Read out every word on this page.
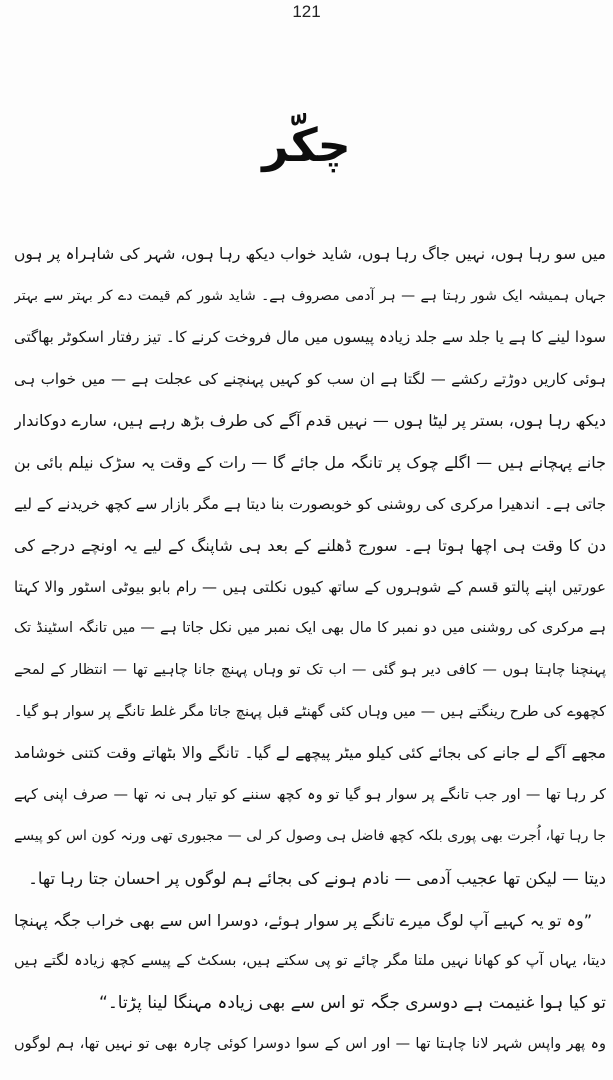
121
چکّر
میں سو رہا ہوں، نہیں جاگ رہا ہوں، شاید خواب دیکھ رہا ہوں، شہر کی شاہراہ پر ہوں
جہاں ہمیشہ ایک شور رہتا ہے — ہر آدمی مصروف ہے۔ شاید شور کم قیمت دے کر بہتر سے بہتر
سودا لینے کا ہے یا جلد سے جلد زیادہ پیسوں میں مال فروخت کرنے کا۔ تیز رفتار اسکوٹر بھاگتی
ہوئی کاریں دوڑتے رکشے — لگتا ہے ان سب کو کہیں پہنچنے کی عجلت ہے — میں خواب ہی
دیکھ رہا ہوں، بستر پر لیٹا ہوں — نہیں قدم آگے کی طرف بڑھ رہے ہیں، سارے دوکاندار
جانے پہچانے ہیں — اگلے چوک پر تانگہ مل جائے گا — رات کے وقت یہ سڑک نیلم بائی بن
جاتی ہے۔ اندھیرا مرکری کی روشنی کو خوبصورت بنا دیتا ہے مگر بازار سے کچھ خریدنے کے لیے
دن کا وقت ہی اچھا ہوتا ہے۔ سورج ڈھلنے کے بعد ہی شاپنگ کے لیے یہ اونچے درجے کی
عورتیں اپنے پالتو قسم کے شوہروں کے ساتھ کیوں نکلتی ہیں — رام بابو بیوٹی اسٹور والا کہتا
ہے مرکری کی روشنی میں دو نمبر کا مال بھی ایک نمبر میں نکل جاتا ہے — میں تانگہ اسٹینڈ تک
پہنچنا چاہتا ہوں — کافی دیر ہو گئی — اب تک تو وہاں پہنچ جانا چاہیے تھا — انتظار کے لمحے
کچھوے کی طرح رینگتے ہیں — میں وہاں کئی گھنٹے قبل پہنچ جاتا مگر غلط تانگے پر سوار ہو گیا۔
مجھے آگے لے جانے کی بجائے کئی کیلو میٹر پیچھے لے گیا۔ تانگے والا بٹھاتے وقت کتنی خوشامد
کر رہا تھا — اور جب تانگے پر سوار ہو گیا تو وہ کچھ سننے کو تیار ہی نہ تھا — صرف اپنی کہے
جا رہا تھا، اُجرت بھی پوری بلکہ کچھ فاضل ہی وصول کر لی — مجبوری تھی ورنہ کون اس کو پیسے
دیتا — لیکن تھا عجیب آدمی — نادم ہونے کی بجائے ہم لوگوں پر احسان جتا رہا تھا۔
”وہ تو یہ کہیے آپ لوگ میرے تانگے پر سوار ہوئے، دوسرا اس سے بھی خراب جگہ پہنچا
دیتا، یہاں آپ کو کھانا نہیں ملتا مگر چائے تو پی سکتے ہیں، بسکٹ کے پیسے کچھ زیادہ لگتے ہیں
تو کیا ہوا غنیمت ہے دوسری جگہ تو اس سے بھی زیادہ مہنگا لینا پڑتا۔“
وہ پھر واپس شہر لانا چاہتا تھا — اور اس کے سوا دوسرا کوئی چارہ بھی تو نہیں تھا، ہم لوگوں
